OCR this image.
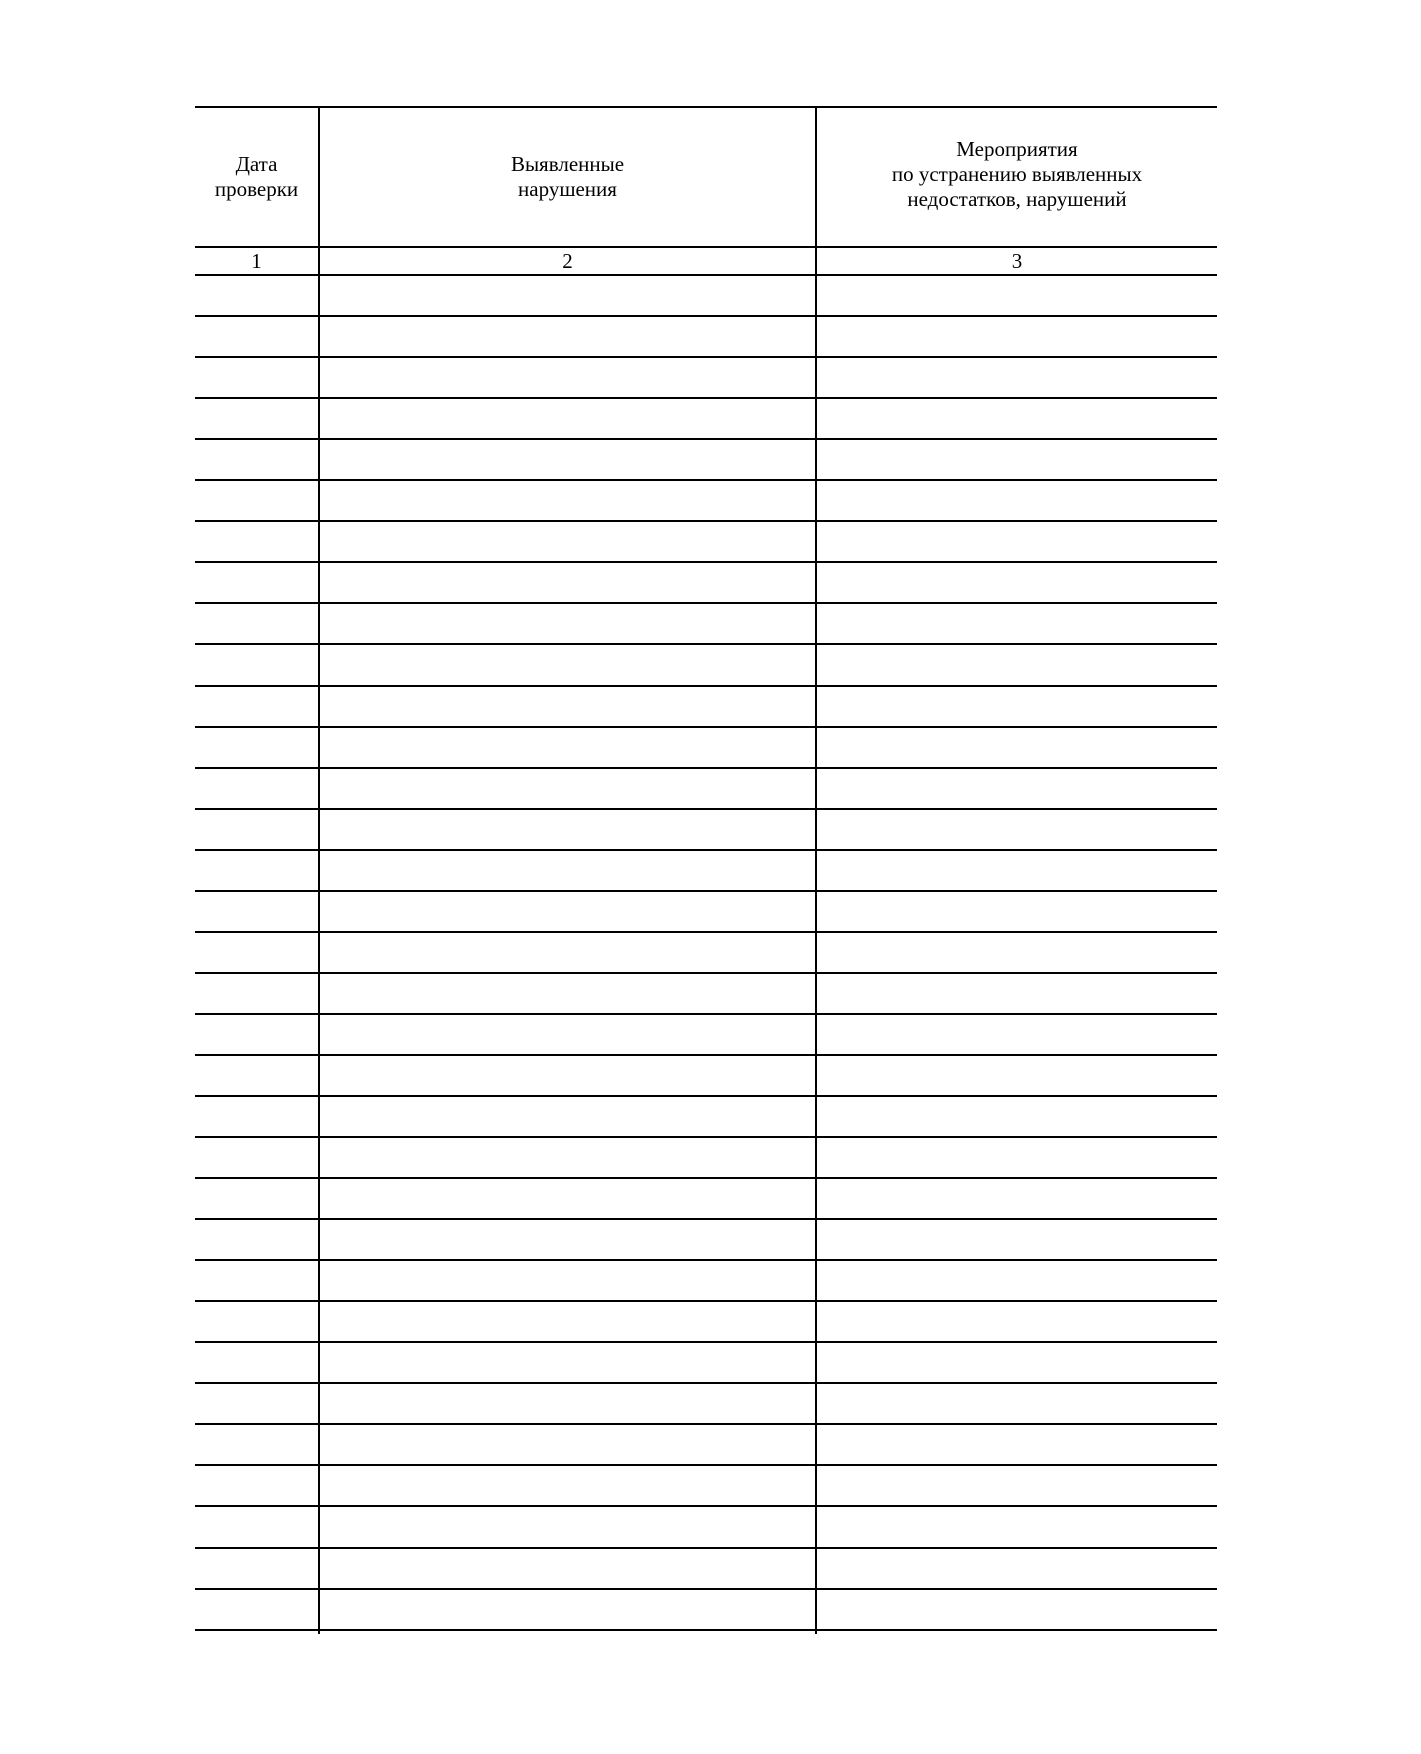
Дата
проверки
Выявленные
нарушения
Мероприятия
по устранению выявленных
недостатков, нарушений
1	2	3
